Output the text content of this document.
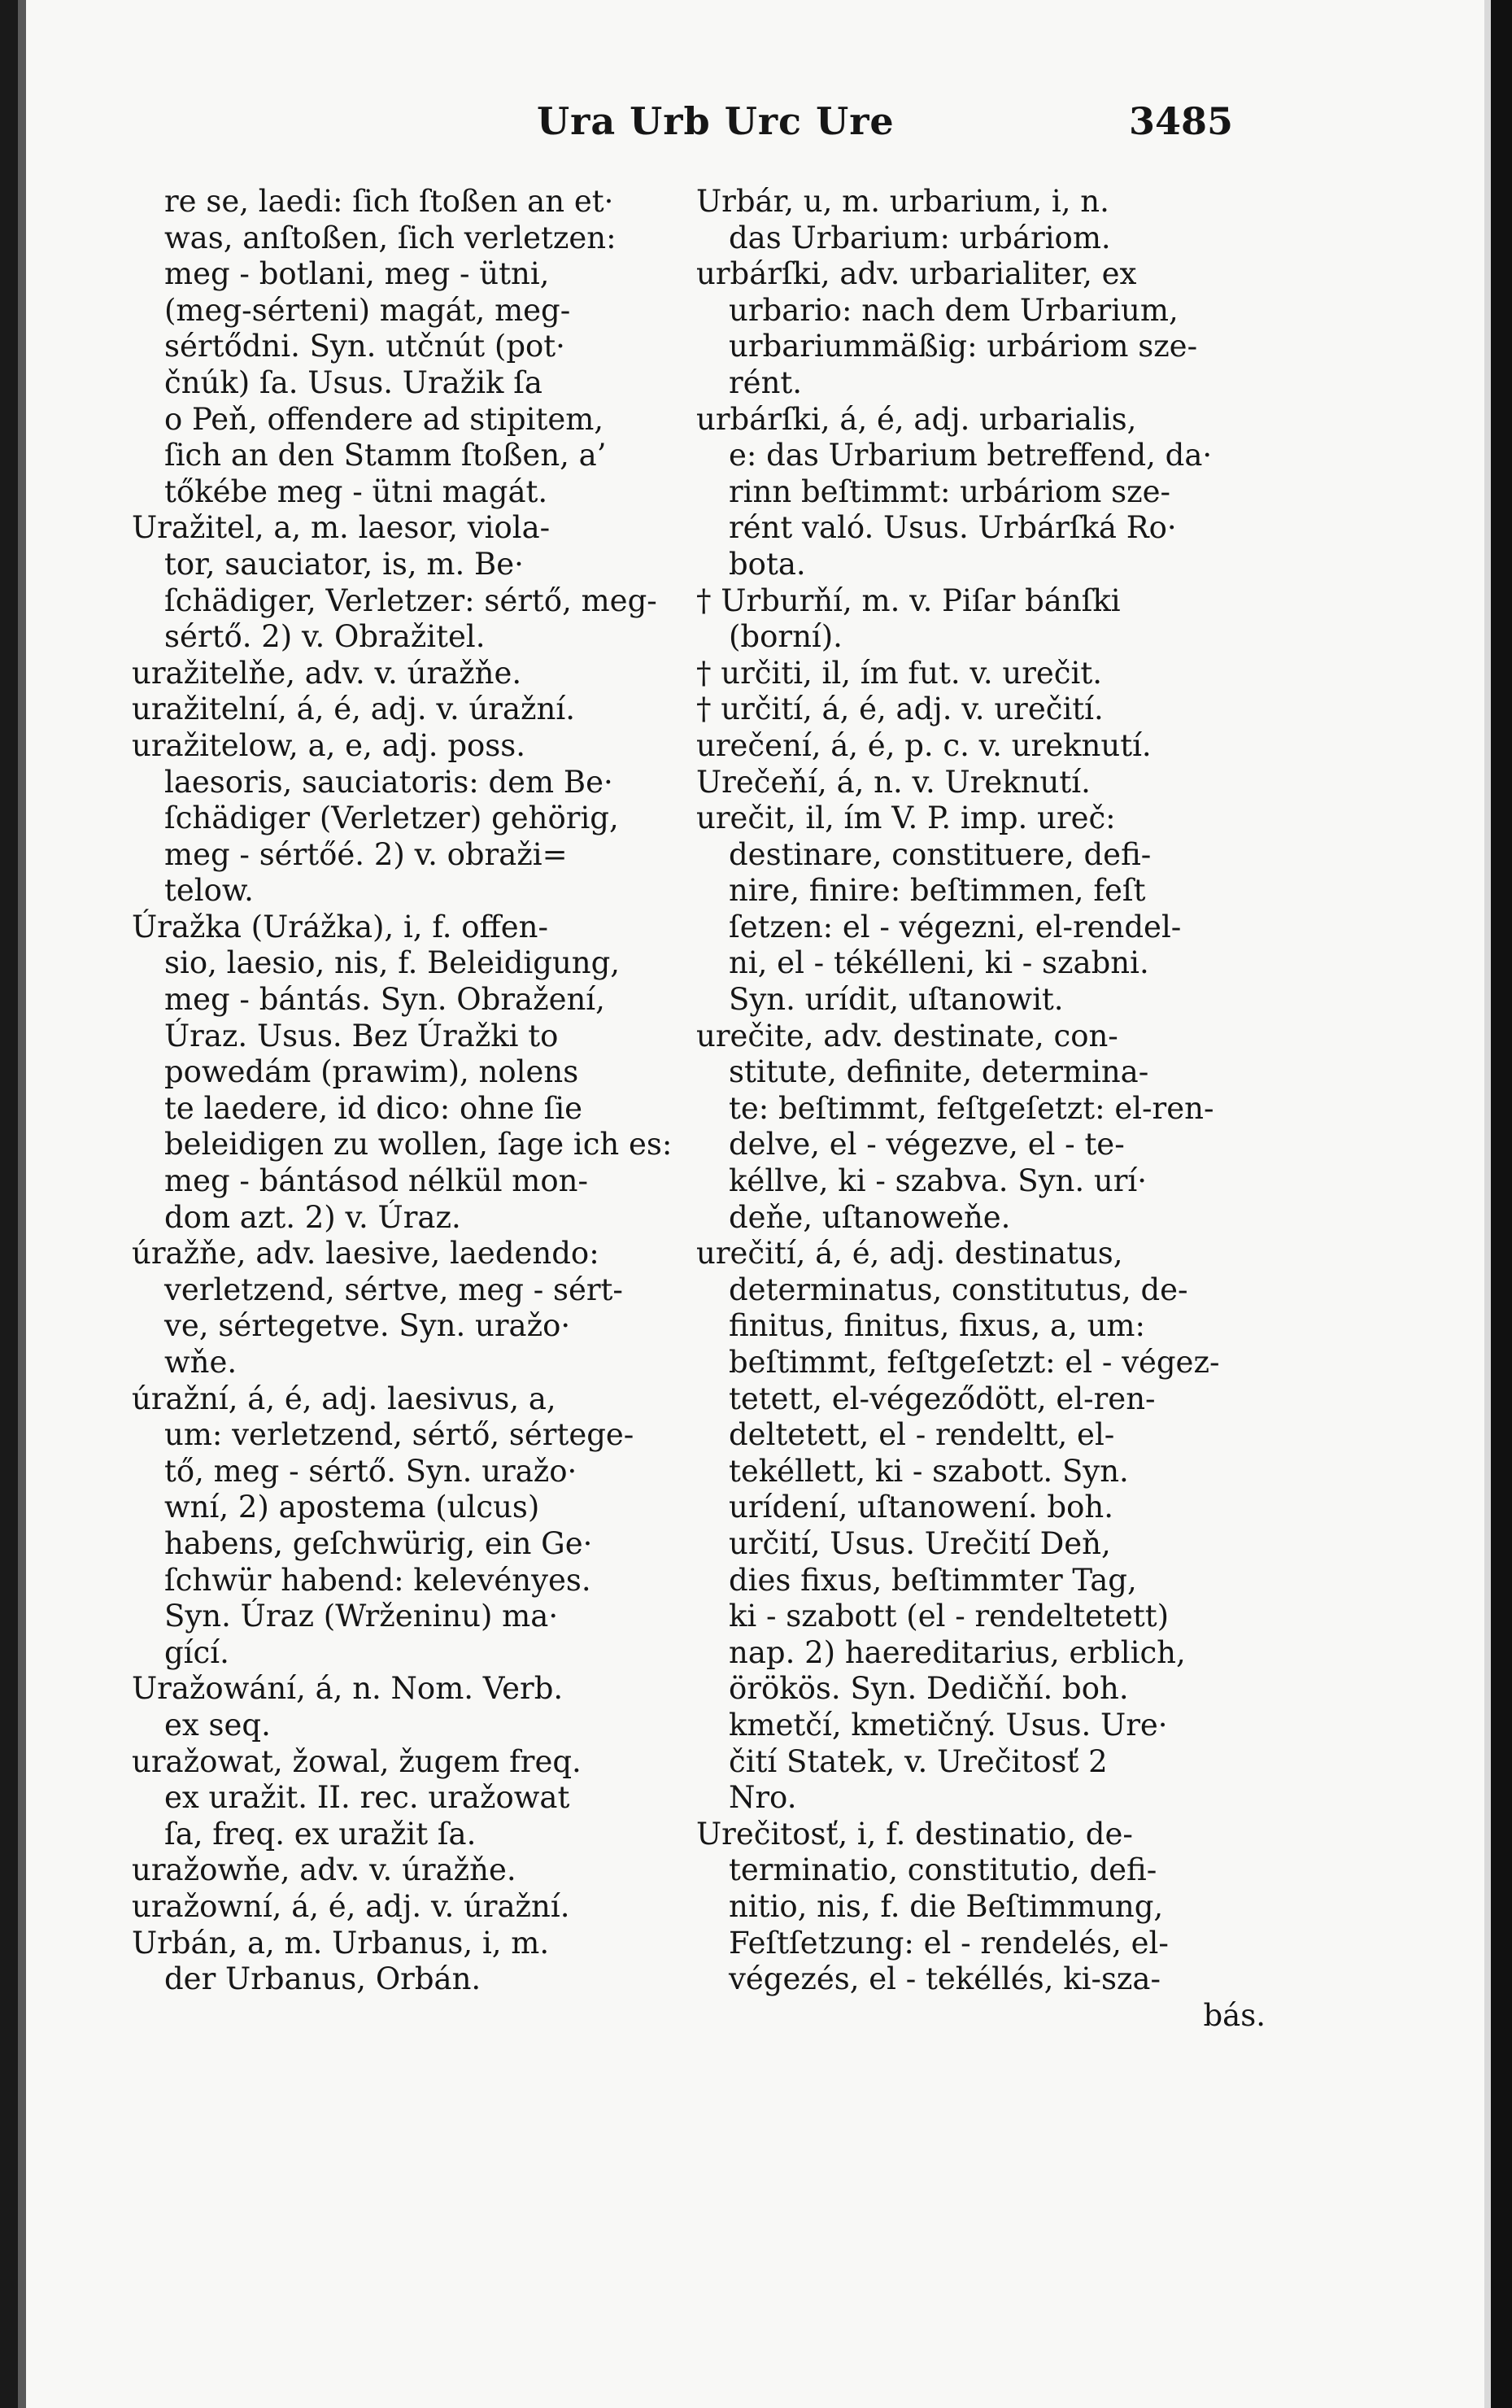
Ura Urb Urc Ure	3485
re se, laedi: ſich ſtoßen an et·
was, anſtoßen, ſich verletzen:
meg - botlani, meg - ütni,
(meg-sérteni) magát, meg-
sértődni. Syn. utčnút (pot·
čnúk) ſa. Usus. Uražik ſa
o Peň, offendere ad stipitem,
ſich an den Stamm ſtoßen, a’
tőkébe meg - ütni magát.
Uražitel, a, m. laesor, viola-
tor, sauciator, is, m. Be·
ſchädiger, Verletzer: sértő, meg-
sértő. 2) v. Obražitel.
uražitelňe, adv. v. úražňe.
uražitelní, á, é, adj. v. úražní.
uražitelow, a, e, adj. poss.
laesoris, sauciatoris: dem Be·
ſchädiger (Verletzer) gehörig,
meg - sértőé. 2) v. obraži=
telow.
Úražka (Urážka), i, f. offen-
sio, laesio, nis, f. Beleidigung,
meg - bántás. Syn. Obražení,
Úraz. Usus. Bez Úražki to
powedám (prawim), nolens
te laedere, id dico: ohne ſie
beleidigen zu wollen, ſage ich es:
meg - bántásod nélkül mon-
dom azt. 2) v. Úraz.
úražňe, adv. laesive, laedendo:
verletzend, sértve, meg - sért-
ve, sértegetve. Syn. uražo·
wňe.
úražní, á, é, adj. laesivus, a,
um: verletzend, sértő, sértege-
tő, meg - sértő. Syn. uražo·
wní, 2) apostema (ulcus)
habens, geſchwürig, ein Ge·
ſchwür habend: kelevényes.
Syn. Úraz (Wrženinu) ma·
gící.
Uražowání, á, n. Nom. Verb.
ex seq.
uražowat, žowal, žugem freq.
ex uražit. II. rec. uražowat
ſa, freq. ex uražit ſa.
uražowňe, adv. v. úražňe.
uražowní, á, é, adj. v. úražní.
Urbán, a, m. Urbanus, i, m.
der Urbanus, Orbán.
Urbár, u, m. urbarium, i, n.
das Urbarium: urbáriom.
urbárſki, adv. urbarialiter, ex
urbario: nach dem Urbarium,
urbariummäßig: urbáriom sze-
rént.
urbárſki, á, é, adj. urbarialis,
e: das Urbarium betreffend, da·
rinn beſtimmt: urbáriom sze-
rént való. Usus. Urbárſká Ro·
bota.
† Urburňí, m. v. Piſar bánſki
(borní).
† určiti, il, ím fut. v. urečit.
† určití, á, é, adj. v. urečití.
urečení, á, é, p. c. v. ureknutí.
Urečeňí, á, n. v. Ureknutí.
urečit, il, ím V. P. imp. ureč:
destinare, constituere, defi-
nire, finire: beſtimmen, feſt
ſetzen: el - végezni, el-rendel-
ni, el - tékélleni, ki - szabni.
Syn. urídit, uſtanowit.
urečite, adv. destinate, con-
stitute, definite, determina-
te: beſtimmt, feſtgeſetzt: el-ren-
delve, el - végezve, el - te-
kéllve, ki - szabva. Syn. urí·
deňe, uſtanoweňe.
urečití, á, é, adj. destinatus,
determinatus, constitutus, de-
finitus, finitus, fixus, a, um:
beſtimmt, feſtgeſetzt: el - végez-
tetett, el-végeződött, el-ren-
deltetett, el - rendeltt, el-
tekéllett, ki - szabott. Syn.
urídení, uſtanowení. boh.
určití, Usus. Urečití Deň,
dies fixus, beſtimmter Tag,
ki - szabott (el - rendeltetett)
nap. 2) haereditarius, erblich,
örökös. Syn. Dedičňí. boh.
kmetčí, kmetičný. Usus. Ure·
čití Statek, v. Urečitosť 2
Nro.
Urečitosť, i, f. destinatio, de-
terminatio, constitutio, defi-
nitio, nis, f. die Beſtimmung,
Feſtſetzung: el - rendelés, el-
végezés, el - tekéllés, ki-sza-
bás.
